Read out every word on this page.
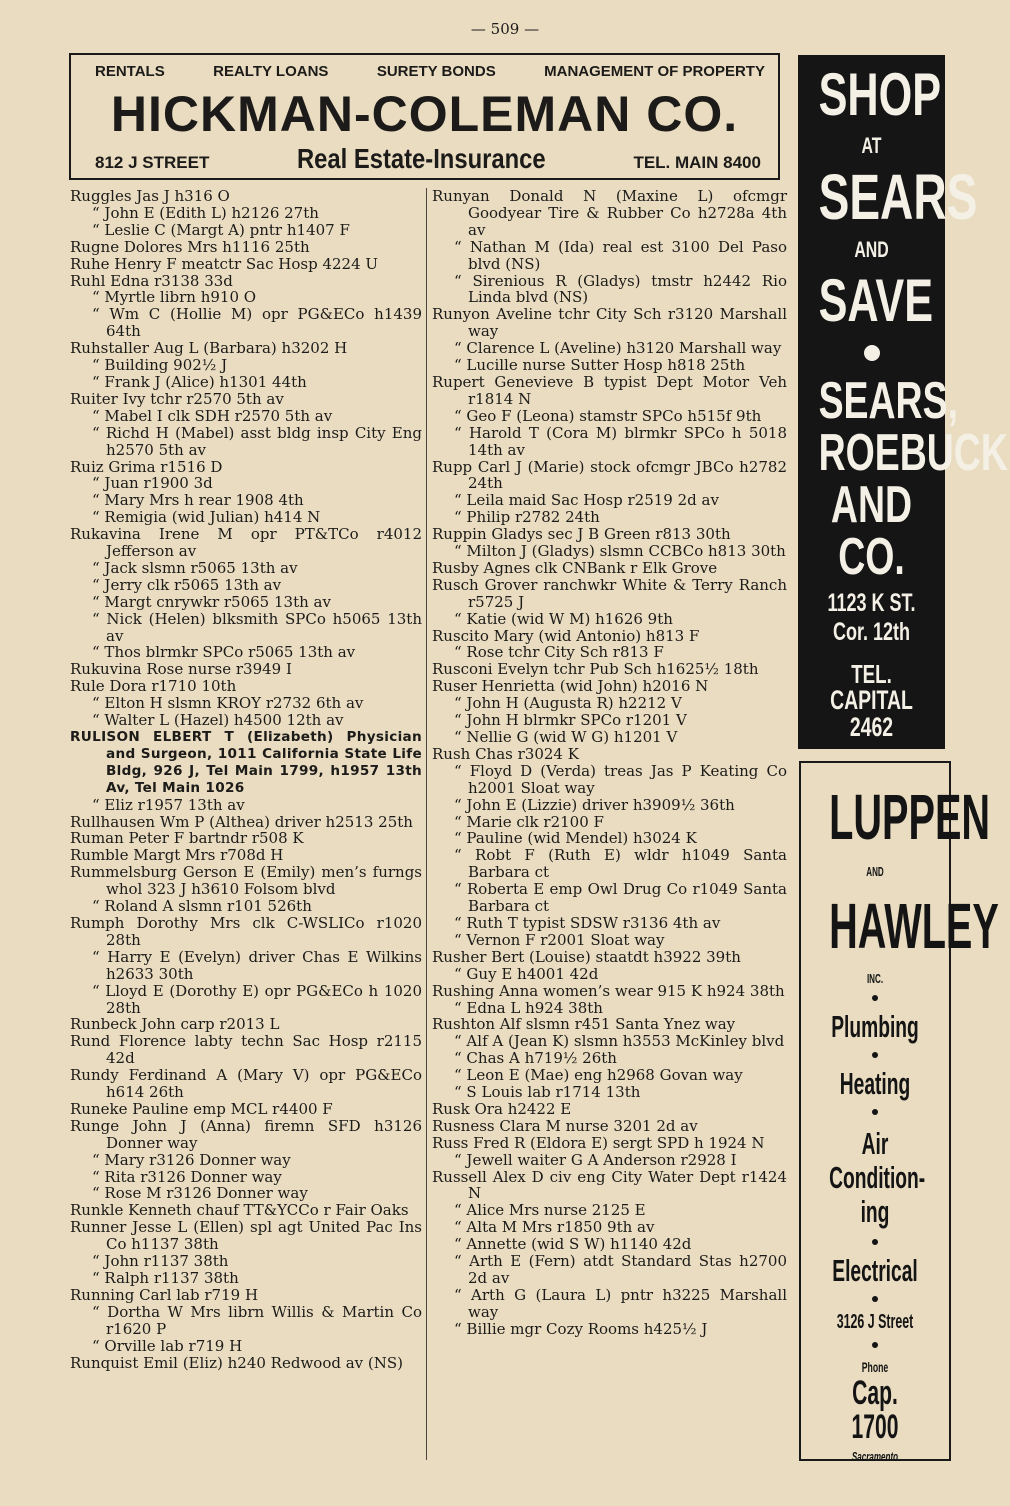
— 509 —
RENTALS	REALTY LOANS	SURETY BONDS	MANAGEMENT OF PROPERTY
HICKMAN-COLEMAN CO.
812 J STREET	Real Estate-Insurance	TEL. MAIN 8400
Ruggles Jas J h316 O
“ John E (Edith L) h2126 27th
“ Leslie C (Margt A) pntr h1407 F
Rugne Dolores Mrs h1116 25th
Ruhe Henry F meatctr Sac Hosp 4224 U
Ruhl Edna r3138 33d
“ Myrtle librn h910 O
“ Wm C (Hollie M) opr PG&ECo h1439 64th
Ruhstaller Aug L (Barbara) h3202 H
“ Building 902½ J
“ Frank J (Alice) h1301 44th
Ruiter Ivy tchr r2570 5th av
“ Mabel I clk SDH r2570 5th av
“ Richd H (Mabel) asst bldg insp City Eng h2570 5th av
Ruiz Grima r1516 D
“ Juan r1900 3d
“ Mary Mrs h rear 1908 4th
“ Remigia (wid Julian) h414 N
Rukavina Irene M opr PT&TCo r4012 Jefferson av
“ Jack slsmn r5065 13th av
“ Jerry clk r5065 13th av
“ Margt cnrywkr r5065 13th av
“ Nick (Helen) blksmith SPCo h5065 13th av
“ Thos blrmkr SPCo r5065 13th av
Rukuvina Rose nurse r3949 I
Rule Dora r1710 10th
“ Elton H slsmn KROY r2732 6th av
“ Walter L (Hazel) h4500 12th av
RULISON ELBERT T (Elizabeth) Physician and Surgeon, 1011 California State Life Bldg, 926 J, Tel Main 1799, h1957 13th Av, Tel Main 1026
“ Eliz r1957 13th av
Rullhausen Wm P (Althea) driver h2513 25th
Ruman Peter F bartndr r508 K
Rumble Margt Mrs r708d H
Rummelsburg Gerson E (Emily) men’s furngs whol 323 J h3610 Folsom blvd
“ Roland A slsmn r101 526th
Rumph Dorothy Mrs clk C-WSLICo r1020 28th
“ Harry E (Evelyn) driver Chas E Wilkins h2633 30th
“ Lloyd E (Dorothy E) opr PG&ECo h 1020 28th
Runbeck John carp r2013 L
Rund Florence labty techn Sac Hosp r2115 42d
Rundy Ferdinand A (Mary V) opr PG&ECo h614 26th
Runeke Pauline emp MCL r4400 F
Runge John J (Anna) firemn SFD h3126 Donner way
“ Mary r3126 Donner way
“ Rita r3126 Donner way
“ Rose M r3126 Donner way
Runkle Kenneth chauf TT&YCCo r Fair Oaks
Runner Jesse L (Ellen) spl agt United Pac Ins Co h1137 38th
“ John r1137 38th
“ Ralph r1137 38th
Running Carl lab r719 H
“ Dortha W Mrs librn Willis & Martin Co r1620 P
“ Orville lab r719 H
Runquist Emil (Eliz) h240 Redwood av (NS)
Runyan Donald N (Maxine L) ofcmgr Goodyear Tire & Rubber Co h2728a 4th av
“ Nathan M (Ida) real est 3100 Del Paso blvd (NS)
“ Sirenious R (Gladys) tmstr h2442 Rio Linda blvd (NS)
Runyon Aveline tchr City Sch r3120 Marshall way
“ Clarence L (Aveline) h3120 Marshall way
“ Lucille nurse Sutter Hosp h818 25th
Rupert Genevieve B typist Dept Motor Veh r1814 N
“ Geo F (Leona) stamstr SPCo h515f 9th
“ Harold T (Cora M) blrmkr SPCo h 5018 14th av
Rupp Carl J (Marie) stock ofcmgr JBCo h2782 24th
“ Leila maid Sac Hosp r2519 2d av
“ Philip r2782 24th
Ruppin Gladys sec J B Green r813 30th
“ Milton J (Gladys) slsmn CCBCo h813 30th
Rusby Agnes clk CNBank r Elk Grove
Rusch Grover ranchwkr White & Terry Ranch r5725 J
“ Katie (wid W M) h1626 9th
Ruscito Mary (wid Antonio) h813 F
“ Rose tchr City Sch r813 F
Rusconi Evelyn tchr Pub Sch h1625½ 18th
Ruser Henrietta (wid John) h2016 N
“ John H (Augusta R) h2212 V
“ John H blrmkr SPCo r1201 V
“ Nellie G (wid W G) h1201 V
Rush Chas r3024 K
“ Floyd D (Verda) treas Jas P Keating Co h2001 Sloat way
“ John E (Lizzie) driver h3909½ 36th
“ Marie clk r2100 F
“ Pauline (wid Mendel) h3024 K
“ Robt F (Ruth E) wldr h1049 Santa Barbara ct
“ Roberta E emp Owl Drug Co r1049 Santa Barbara ct
“ Ruth T typist SDSW r3136 4th av
“ Vernon F r2001 Sloat way
Rusher Bert (Louise) staatdt h3922 39th
“ Guy E h4001 42d
Rushing Anna women’s wear 915 K h924 38th
“ Edna L h924 38th
Rushton Alf slsmn r451 Santa Ynez way
“ Alf A (Jean K) slsmn h3553 McKinley blvd
“ Chas A h719½ 26th
“ Leon E (Mae) eng h2968 Govan way
“ S Louis lab r1714 13th
Rusk Ora h2422 E
Rusness Clara M nurse 3201 2d av
Russ Fred R (Eldora E) sergt SPD h 1924 N
“ Jewell waiter G A Anderson r2928 I
Russell Alex D civ eng City Water Dept r1424 N
“ Alice Mrs nurse 2125 E
“ Alta M Mrs r1850 9th av
“ Annette (wid S W) h1140 42d
“ Arth E (Fern) atdt Standard Stas h2700 2d av
“ Arth G (Laura L) pntr h3225 Marshall way
“ Billie mgr Cozy Rooms h425½ J
SHOP
AT
SEARS
AND
SAVE
SEARS,
ROEBUCK
AND CO.
1123 K ST.
Cor. 12th
TEL.
CAPITAL
2462
LUPPEN
AND
HAWLEY
INC.
Plumbing
Heating
Air
Condition-
ing
Electrical
3126 J Street
Phone
Cap. 1700
Sacramento
